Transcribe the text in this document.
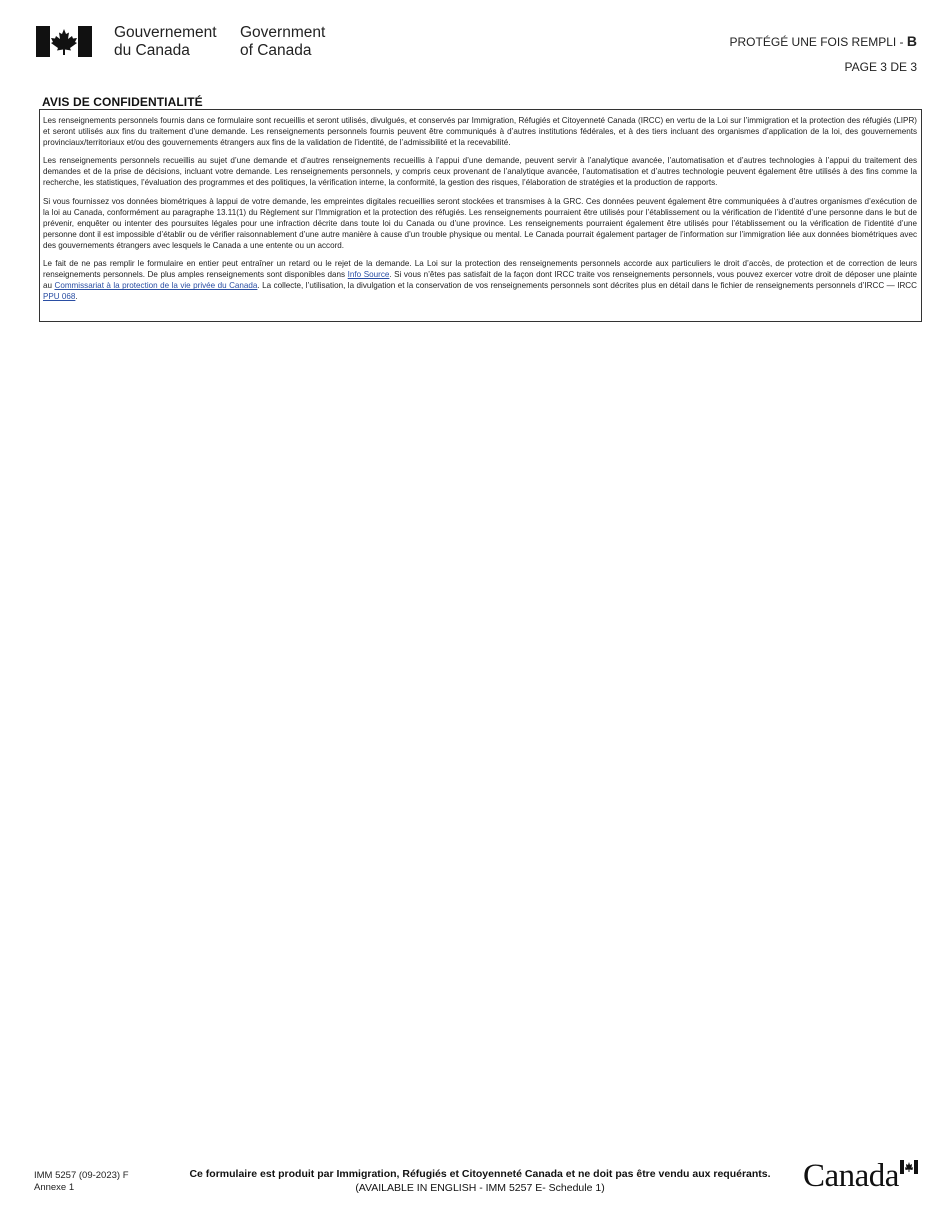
Gouvernement
du Canada
Government
of Canada	PROTÉGÉ UNE FOIS REMPLI - B
PAGE 3 DE 3
AVIS DE CONFIDENTIALITÉ

Les renseignements personnels fournis dans ce formulaire sont recueillis et seront utilisés, divulgués, et conservés par Immigration, Réfugiés et Citoyenneté Canada (IRCC) en vertu de la Loi sur l’immigration et la protection des réfugiés (LIPR) et seront utilisés aux fins du traitement d’une demande. Les renseignements personnels fournis peuvent être communiqués à d’autres institutions fédérales, et à des tiers incluant des organismes d’application de la loi, des gouvernements provinciaux/territoriaux et/ou des gouvernements étrangers aux fins de la validation de l’identité, de l’admissibilité et la recevabilité.

Les renseignements personnels recueillis au sujet d’une demande et d’autres renseignements recueillis à l’appui d’une demande, peuvent servir à l’analytique avancée, l’automatisation et d’autres technologies à l’appui du traitement des demandes et de la prise de décisions, incluant votre demande. Les renseignements personnels, y compris ceux provenant de l’analytique avancée, l’automatisation et d’autres technologie peuvent également être utilisés à des fins comme la recherche, les statistiques, l’évaluation des programmes et des politiques, la vérification interne, la conformité, la gestion des risques, l’élaboration de stratégies et la production de rapports.

Si vous fournissez vos données biométriques à lappui de votre demande, les empreintes digitales recueillies seront stockées et transmises à la GRC. Ces données peuvent également être communiquées à d’autres organismes d’exécution de la loi au Canada, conformément au paragraphe 13.11(1) du Règlement sur l’Immigration et la protection des réfugiés. Les renseignements pourraient être utilisés pour l’établissement ou la vérification de l’identité d’une personne dans le but de prévenir, enquêter ou intenter des poursuites légales pour une infraction décrite dans toute loi du Canada ou d’une province. Les renseignements pourraient également être utilisés pour l’établissement ou la vérification de l’identité d’une personne dont il est impossible d’établir ou de vérifier raisonnablement d’une autre manière à cause d’un trouble physique ou mental. Le Canada pourrait également partager de l’information sur l’immigration liée aux données biométriques avec des gouvernements étrangers avec lesquels le Canada a une entente ou un accord.

Le fait de ne pas remplir le formulaire en entier peut entraîner un retard ou le rejet de la demande. La Loi sur la protection des renseignements personnels accorde aux particuliers le droit d’accès, de protection et de correction de leurs renseignements personnels. De plus amples renseignements sont disponibles dans Info Source. Si vous n’êtes pas satisfait de la façon dont IRCC traite vos renseignements personnels, vous pouvez exercer votre droit de déposer une plainte au Commissariat à la protection de la vie privée du Canada. La collecte, l’utilisation, la divulgation et la conservation de vos renseignements personnels sont décrites plus en détail dans le fichier de renseignements personnels d’IRCC — IRCC PPU 068.

IMM 5257 (09-2023) F
Annexe 1
Ce formulaire est produit par Immigration, Réfugiés et Citoyenneté Canada et ne doit pas être vendu aux requérants.
(AVAILABLE IN ENGLISH - IMM 5257 E- Schedule 1)	Canada
